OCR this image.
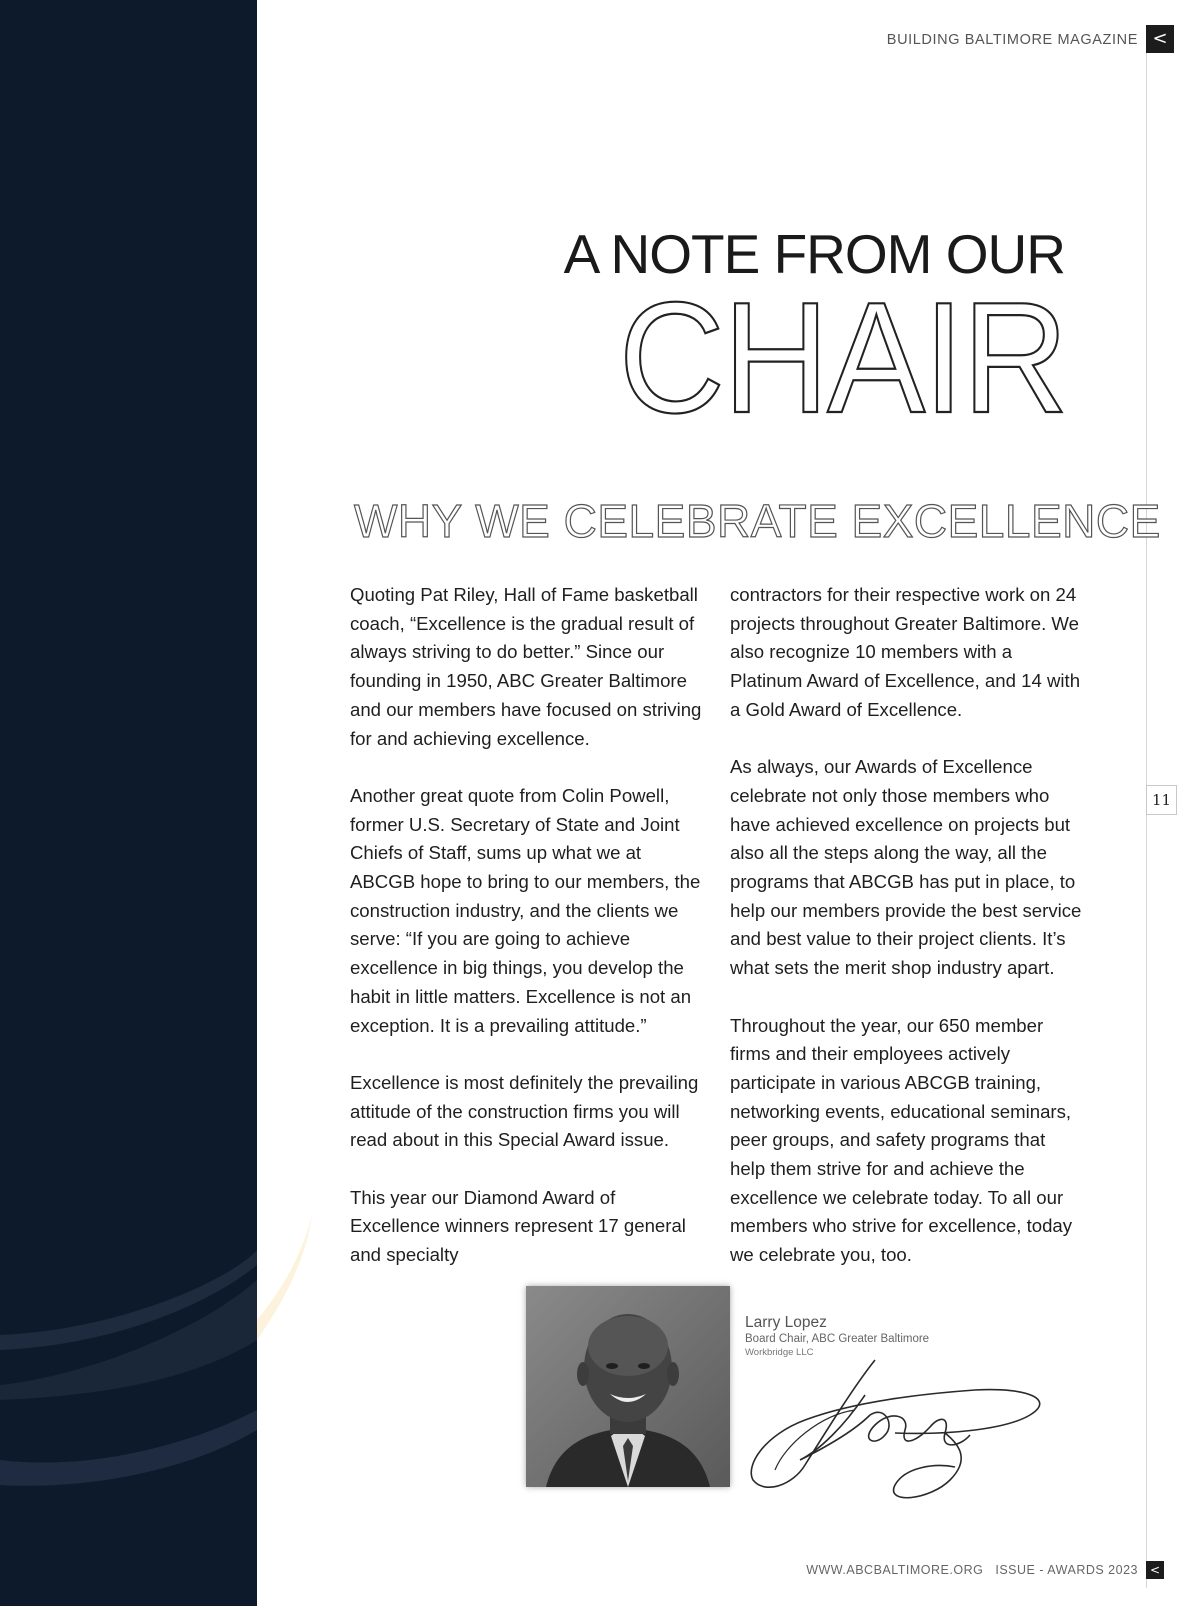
BUILDING BALTIMORE MAGAZINE <
A NOTE FROM OUR
CHAIR
WHY WE CELEBRATE EXCELLENCE

Quoting Pat Riley, Hall of Fame basketball coach, “Excellence is the gradual result of always striving to do better.” Since our founding in 1950, ABC Greater Baltimore and our members have focused on striving for and achieving excellence.

Another great quote from Colin Powell, former U.S. Secretary of State and Joint Chiefs of Staff, sums up what we at ABCGB hope to bring to our members, the construction industry, and the clients we serve: “If you are going to achieve excellence in big things, you develop the habit in little matters. Excellence is not an exception. It is a prevailing attitude.”

Excellence is most definitely the prevailing attitude of the construction firms you will read about in this Special Award issue.

This year our Diamond Award of Excellence winners represent 17 general and specialty

contractors for their respective work on 24 projects throughout Greater Baltimore. We also recognize 10 members with a Platinum Award of Excellence, and 14 with a Gold Award of Excellence.

As always, our Awards of Excellence celebrate not only those members who have achieved excellence on projects but also all the steps along the way, all the programs that ABCGB has put in place, to help our members provide the best service and best value to their project clients. It’s what sets the merit shop industry apart.

Throughout the year, our 650 member firms and their employees actively participate in various ABCGB training, networking events, educational seminars, peer groups, and safety programs that help them strive for and achieve the excellence we celebrate today. To all our members who strive for excellence, today we celebrate you, too.

11
Larry Lopez
Board Chair, ABC Greater Baltimore
Workbridge LLC
WWW.ABCBALTIMORE.ORG ISSUE - AWARDS 2023 <
